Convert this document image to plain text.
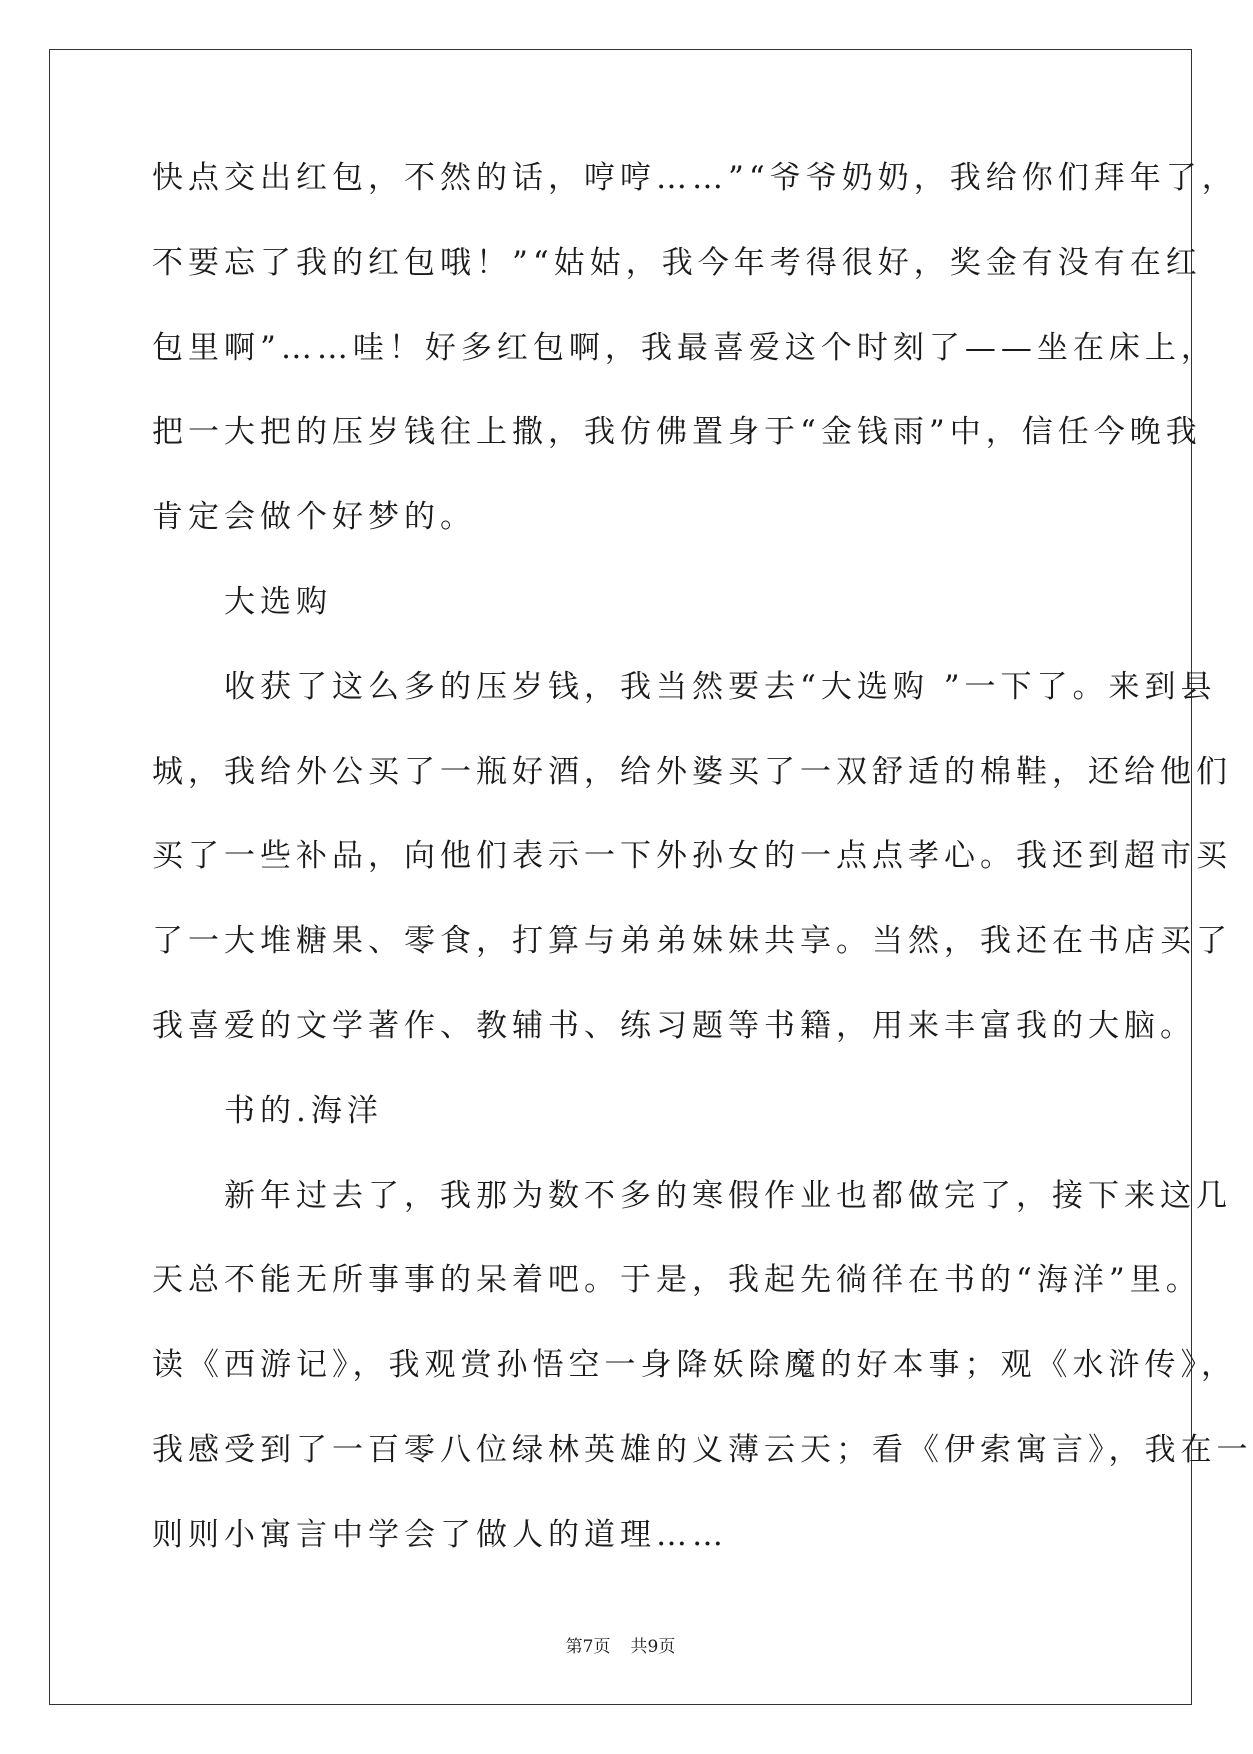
快点交出红包，不然的话，哼哼……”“爷爷奶奶，我给你们拜年了，
不要忘了我的红包哦！”“姑姑，我今年考得很好，奖金有没有在红
包里啊”……哇！好多红包啊，我最喜爱这个时刻了——坐在床上，
把一大把的压岁钱往上撒，我仿佛置身于“金钱雨”中，信任今晚我
肯定会做个好梦的。
　　大选购
　　收获了这么多的压岁钱，我当然要去“大选购 ”一下了。来到县
城，我给外公买了一瓶好酒，给外婆买了一双舒适的棉鞋，还给他们
买了一些补品，向他们表示一下外孙女的一点点孝心。我还到超市买
了一大堆糖果、零食，打算与弟弟妹妹共享。当然，我还在书店买了
我喜爱的文学著作、教辅书、练习题等书籍，用来丰富我的大脑。
　　书的.海洋
　　新年过去了，我那为数不多的寒假作业也都做完了，接下来这几
天总不能无所事事的呆着吧。于是，我起先徜徉在书的“海洋”里。
读《西游记》，我观赏孙悟空一身降妖除魔的好本事；观《水浒传》，
我感受到了一百零八位绿林英雄的义薄云天；看《伊索寓言》，我在一
则则小寓言中学会了做人的道理……
第7页 共9页
